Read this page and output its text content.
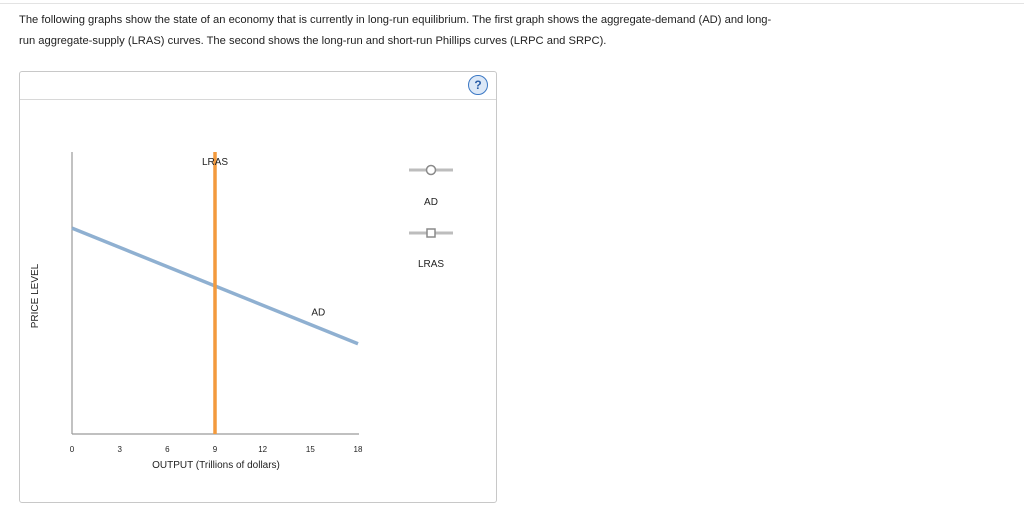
The following graphs show the state of an economy that is currently in long-run equilibrium. The first graph shows the aggregate-demand (AD) and long-
run aggregate-supply (LRAS) curves. The second shows the long-run and short-run Phillips curves (LRPC and SRPC).
?
PRICE LEVEL
OUTPUT (Trillions of dollars)
0	3	6	9	12	15	18
AD
LRAS
AD
LRAS
